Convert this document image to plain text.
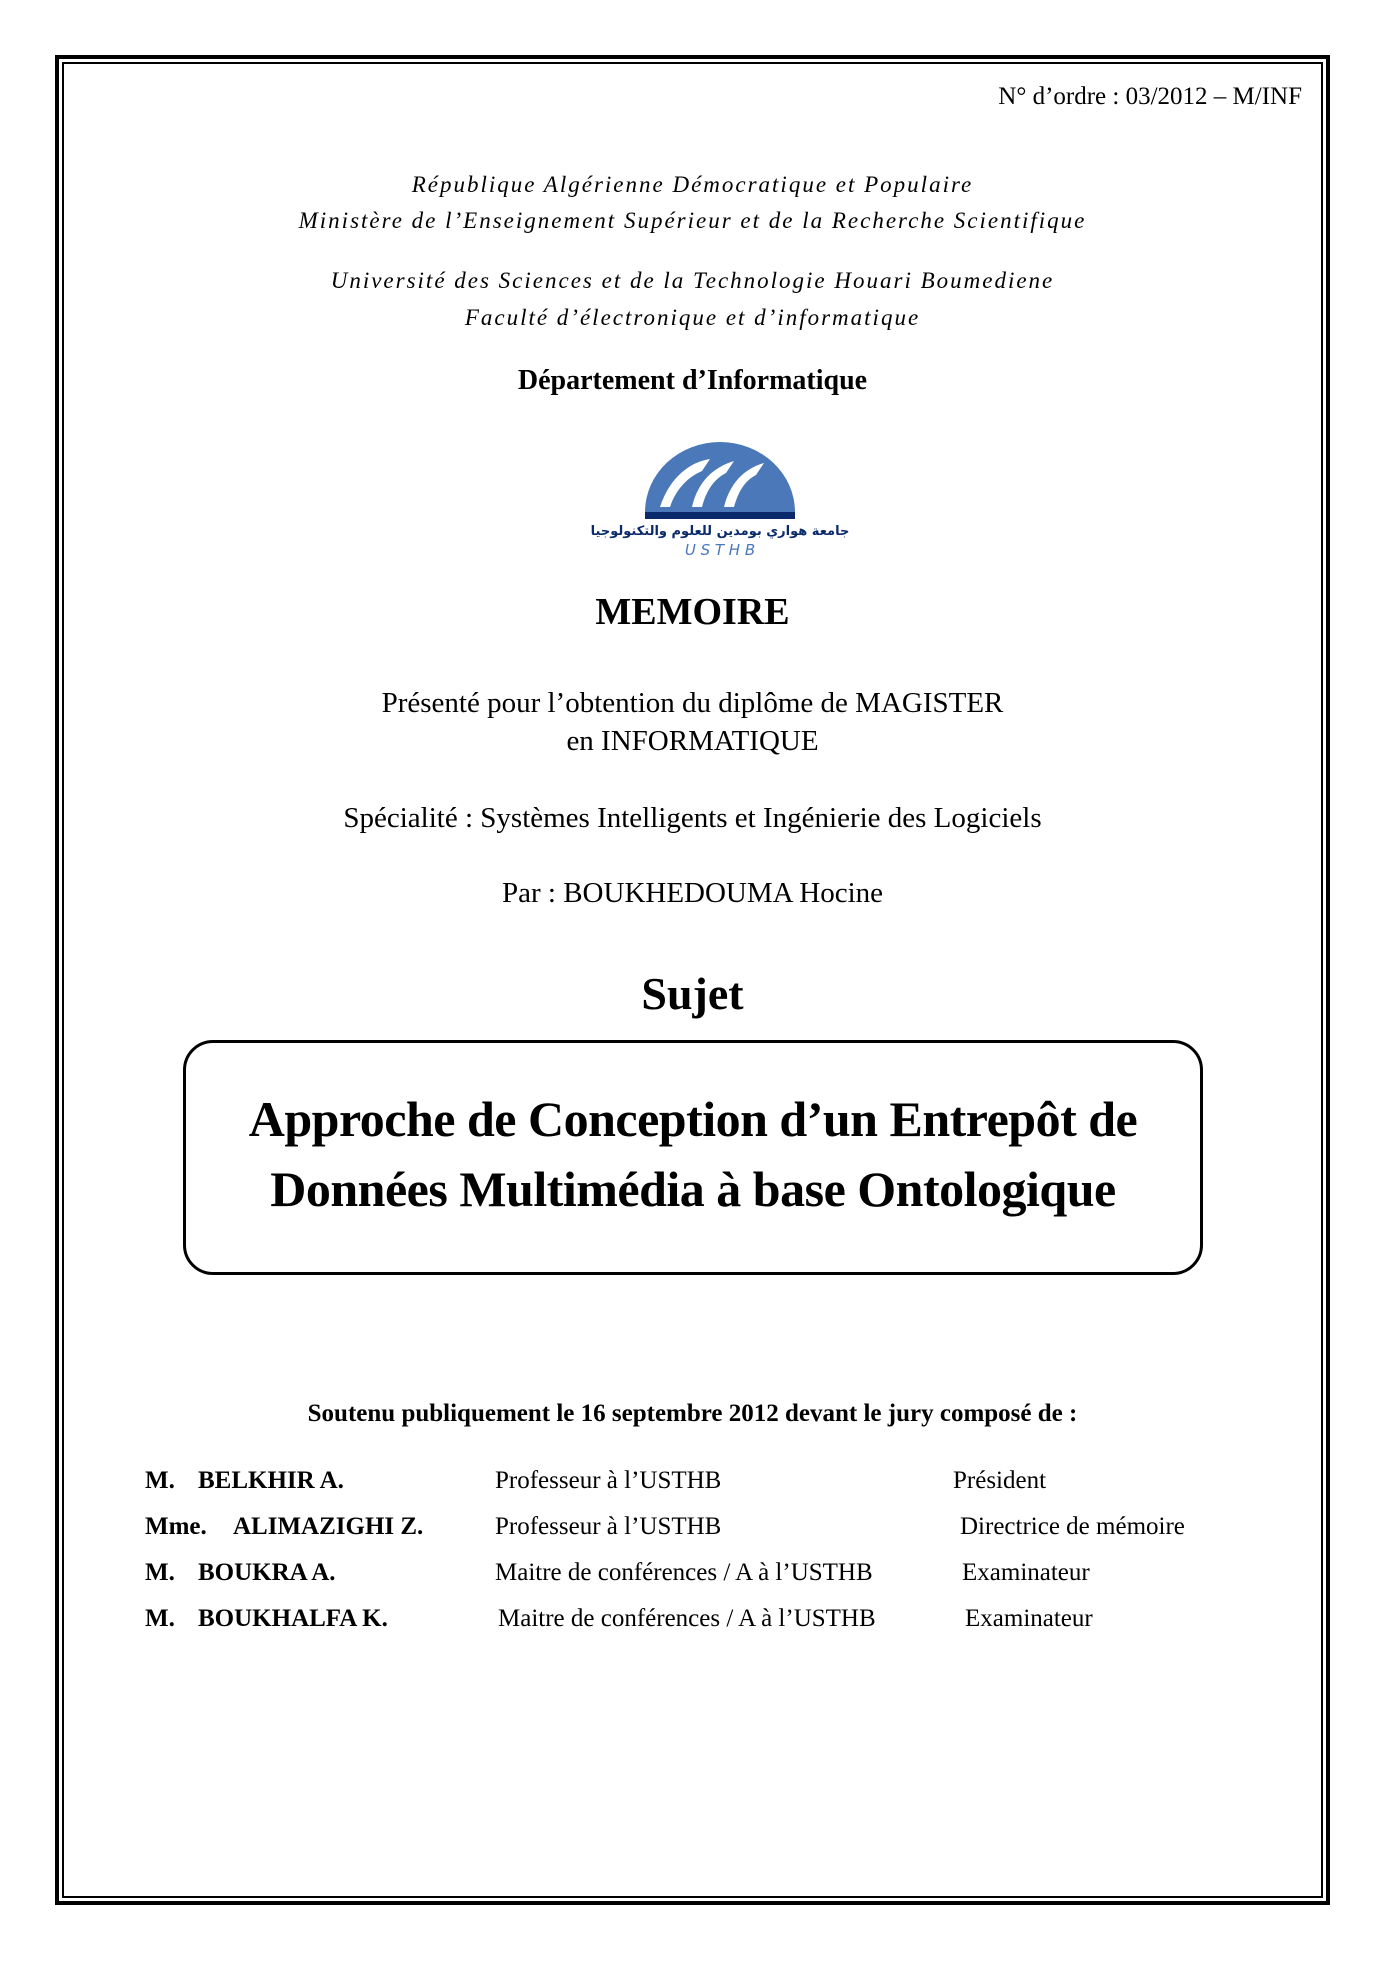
N° d’ordre : 03/2012 – M/INF
République Algérienne Démocratique et Populaire
Ministère de l’Enseignement Supérieur et de la Recherche Scientifique
Université des Sciences et de la Technologie Houari Boumediene
Faculté d’électronique et d’informatique
Département d’Informatique
جامعة هواري بومدين للعلوم والتكنولوجيا
U S T H B
MEMOIRE
Présenté pour l’obtention du diplôme de MAGISTER
en INFORMATIQUE
Spécialité : Systèmes Intelligents et Ingénierie des Logiciels
Par : BOUKHEDOUMA Hocine
Sujet
Approche de Conception d’un Entrepôt de
Données Multimédia à base Ontologique
Soutenu publiquement le 16 septembre 2012 devant le jury composé de :
M. BELKHIR A.	Professeur à l’USTHB	Président
Mme. ALIMAZIGHI Z.	Professeur à l’USTHB	Directrice de mémoire
M. BOUKRA A.	Maitre de conférences / A à l’USTHB	Examinateur
M. BOUKHALFA K.	Maitre de conférences / A à l’USTHB	Examinateur
